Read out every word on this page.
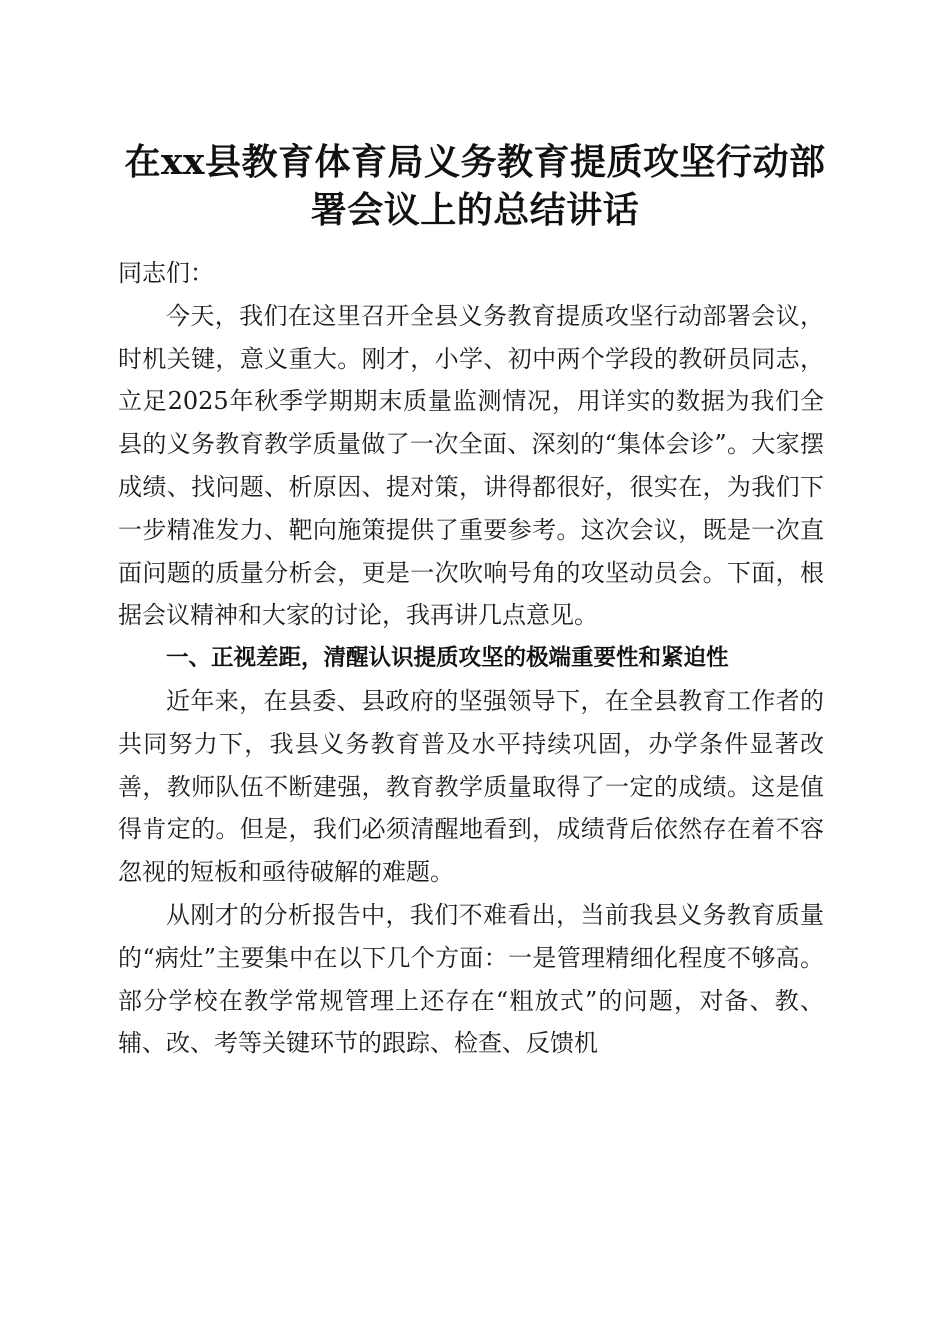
在xx县教育体育局义务教育提质攻坚行动部
署会议上的总结讲话

同志们：

今天，我们在这里召开全县义务教育提质攻坚行动部署会议，时机关键，意义重大。刚才，小学、初中两个学段的教研员同志，立足2025年秋季学期期末质量监测情况，用详实的数据为我们全县的义务教育教学质量做了一次全面、深刻的“集体会诊”。大家摆成绩、找问题、析原因、提对策，讲得都很好，很实在，为我们下一步精准发力、靶向施策提供了重要参考。这次会议，既是一次直面问题的质量分析会，更是一次吹响号角的攻坚动员会。下面，根据会议精神和大家的讨论，我再讲几点意见。

一、正视差距，清醒认识提质攻坚的极端重要性和紧迫性

近年来，在县委、县政府的坚强领导下，在全县教育工作者的共同努力下，我县义务教育普及水平持续巩固，办学条件显著改善，教师队伍不断建强，教育教学质量取得了一定的成绩。这是值得肯定的。但是，我们必须清醒地看到，成绩背后依然存在着不容忽视的短板和亟待破解的难题。

从刚才的分析报告中，我们不难看出，当前我县义务教育质量的“病灶”主要集中在以下几个方面：一是管理精细化程度不够高。部分学校在教学常规管理上还存在“粗放式”的问题，对备、教、辅、改、考等关键环节的跟踪、检查、反馈机
